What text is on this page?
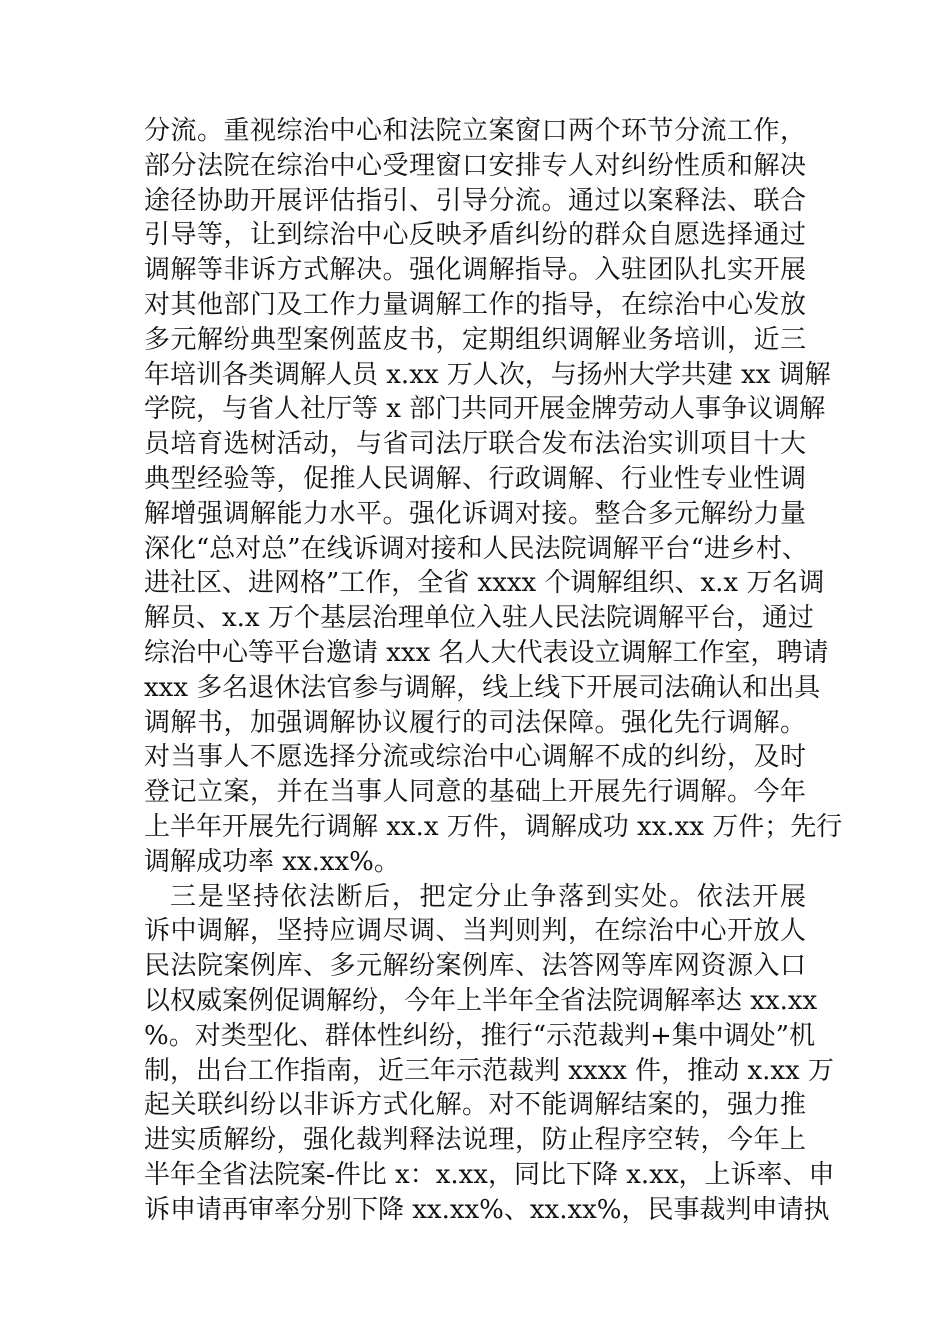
分流。重视综治中心和法院立案窗口两个环节分流工作，
部分法院在综治中心受理窗口安排专人对纠纷性质和解决
途径协助开展评估指引、引导分流。通过以案释法、联合
引导等，让到综治中心反映矛盾纠纷的群众自愿选择通过
调解等非诉方式解决。强化调解指导。入驻团队扎实开展
对其他部门及工作力量调解工作的指导，在综治中心发放
多元解纷典型案例蓝皮书，定期组织调解业务培训，近三
年培训各类调解人员 x.xx 万人次，与扬州大学共建 xx 调解
学院，与省人社厅等 x 部门共同开展金牌劳动人事争议调解
员培育选树活动，与省司法厅联合发布法治实训项目十大
典型经验等，促推人民调解、行政调解、行业性专业性调
解增强调解能力水平。强化诉调对接。整合多元解纷力量
深化“总对总”在线诉调对接和人民法院调解平台“进乡村、
进社区、进网格”工作，全省 xxxx 个调解组织、x.x 万名调
解员、x.x 万个基层治理单位入驻人民法院调解平台，通过
综治中心等平台邀请 xxx 名人大代表设立调解工作室，聘请
xxx 多名退休法官参与调解，线上线下开展司法确认和出具
调解书，加强调解协议履行的司法保障。强化先行调解。
对当事人不愿选择分流或综治中心调解不成的纠纷，及时
登记立案，并在当事人同意的基础上开展先行调解。今年
上半年开展先行调解 xx.x 万件，调解成功 xx.xx 万件；先行
调解成功率 xx.xx%。
三是坚持依法断后，把定分止争落到实处。依法开展
诉中调解，坚持应调尽调、当判则判，在综治中心开放人
民法院案例库、多元解纷案例库、法答网等库网资源入口
以权威案例促调解纷，今年上半年全省法院调解率达 xx.xx
%。对类型化、群体性纠纷，推行“示范裁判+集中调处”机
制，出台工作指南，近三年示范裁判 xxxx 件，推动 x.xx 万
起关联纠纷以非诉方式化解。对不能调解结案的，强力推
进实质解纷，强化裁判释法说理，防止程序空转，今年上
半年全省法院案-件比 x：x.xx，同比下降 x.xx，上诉率、申
诉申请再审率分别下降 xx.xx%、xx.xx%，民事裁判申请执
